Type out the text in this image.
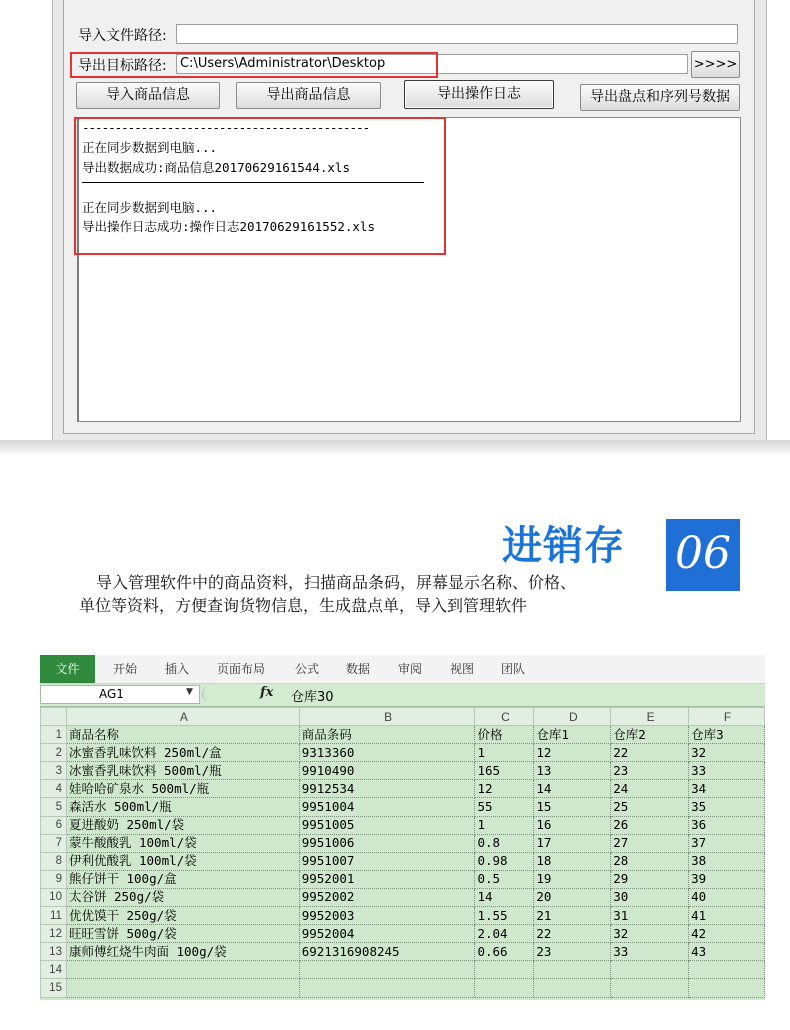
导入文件路径:
导出目标路径:	C:\Users\Administrator\Desktop	>>>>
导入商品信息	导出商品信息	导出操作日志	导出盘点和序列号数据
--------------------------------------------
正在同步数据到电脑...
导出数据成功:商品信息20170629161544.xls
正在同步数据到电脑...
导出操作日志成功:操作日志20170629161552.xls
进销存 06
导入管理软件中的商品资料，扫描商品条码，屏幕显示名称、价格、
单位等资料，方便查询货物信息，生成盘点单，导入到管理软件
文件	开始 插入 页面布局 公式 数据 审阅 视图 团队
AG1	▼	fx 仓库30
	A	B	C	D	E	F
1	商品名称	商品条码	价格	仓库1	仓库2	仓库3
2	冰蜜香乳味饮料 250ml/盒	9313360	1	12	22	32
3	冰蜜香乳味饮料 500ml/瓶	9910490	165	13	23	33
4	娃哈哈矿泉水 500ml/瓶	9912534	12	14	24	34
5	森活水 500ml/瓶	9951004	55	15	25	35
6	夏进酸奶 250ml/袋	9951005	1	16	26	36
7	蒙牛酸酸乳 100ml/袋	9951006	0.8	17	27	37
8	伊利优酸乳 100ml/袋	9951007	0.98	18	28	38
9	熊仔饼干 100g/盒	9952001	0.5	19	29	39
10	太谷饼 250g/袋	9952002	14	20	30	40
11	优优馍干 250g/袋	9952003	1.55	21	31	41
12	旺旺雪饼 500g/袋	9952004	2.04	22	32	42
13	康师傅红烧牛肉面 100g/袋	6921316908245	0.66	23	33	43
14						
15						
